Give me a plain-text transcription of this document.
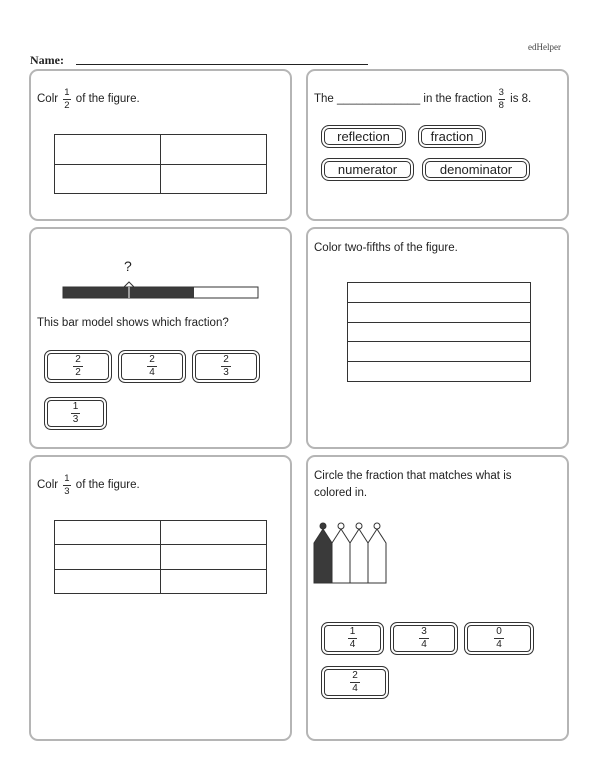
edHelper
Name:
Colr $\frac{1}{2}$ of the figure.

		The _____________ in the fraction $\frac{3}{8}$ is 8.
reflection	fraction
numerator	denominator
?
This bar model shows which fraction?
$\frac{2}{2}$	$\frac{2}{4}$	$\frac{2}{3}$
$\frac{1}{3}$
Color two-fifths of the figure.

Colr $\frac{1}{3}$ of the figure.

Circle the fraction that matches what is
colored in.
$\frac{1}{4}$	$\frac{3}{4}$	$\frac{0}{4}$
$\frac{2}{4}$
